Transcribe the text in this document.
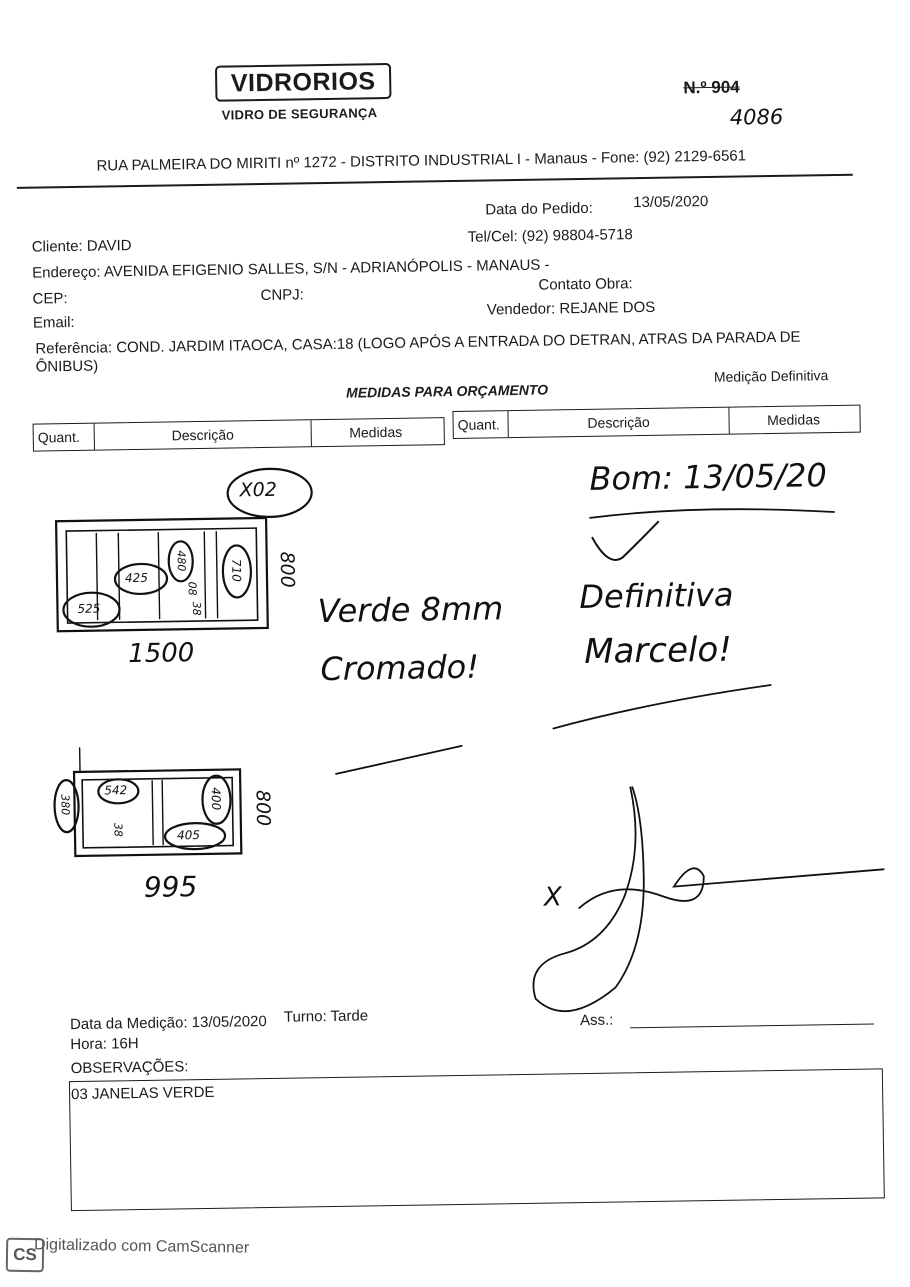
VIDRORIOS
VIDRO DE SEGURANÇA
N.º 904
4086
RUA PALMEIRA DO MIRITI nº 1272 - DISTRITO INDUSTRIAL I - Manaus - Fone: (92) 2129-6561
Data do Pedido:	13/05/2020
Cliente: DAVID
Tel/Cel: (92) 98804-5718
Endereço: AVENIDA EFIGENIO SALLES, S/N - ADRIANÓPOLIS - MANAUS -
CEP:	CNPJ:
Contato Obra:
Email:
Vendedor: REJANE DOS
Referência: COND. JARDIM ITAOCA, CASA:18 (LOGO APÓS A ENTRADA DO DETRAN, ATRAS DA PARADA DE
ÔNIBUS)
MEDIDAS PARA ORÇAMENTO
Medição Definitiva
Quant.	Descrição	Medidas	Quant.	Descrição	Medidas
X02
1500
800
525
425
480	710
08
38	Verde 8mm
Cromado!
Bom: 13/05/20
Definitiva
Marcelo!
995
800
380
542	400
405
38
X
Data da Medição: 13/05/2020 Turno: Tarde
Hora: 16H
Ass.:
OBSERVAÇÕES:
03 JANELAS VERDE
CS
Digitalizado com CamScanner
